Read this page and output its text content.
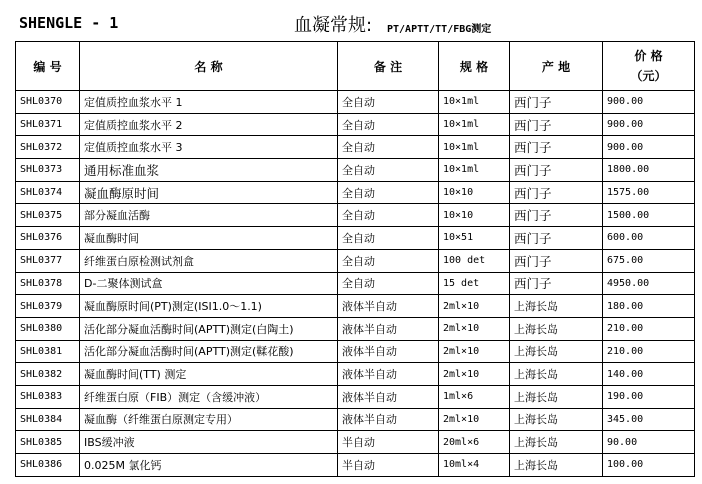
SHENGLE - 1	血凝常规: PT/APTT/TT/FBG测定
编 号	名 称	备 注	规 格	产 地	价 格
（元）

SHL0370	定值质控血浆水平 1	全自动	10×1ml	西门子	900.00
SHL0371	定值质控血浆水平 2	全自动	10×1ml	西门子	900.00
SHL0372	定值质控血浆水平 3	全自动	10×1ml	西门子	900.00
SHL0373	通用标准血浆	全自动	10×1ml	西门子	1800.00
SHL0374	凝血酶原时间	全自动	10×10	西门子	1575.00
SHL0375	部分凝血活酶	全自动	10×10	西门子	1500.00
SHL0376	凝血酶时间	全自动	10×51	西门子	600.00
SHL0377	纤维蛋白原检测试剂盒	全自动	100 det	西门子	675.00
SHL0378	D-二聚体测试盒	全自动	15 det	西门子	4950.00
SHL0379	凝血酶原时间(PT)测定(ISI1.0～1.1)	液体半自动	2ml×10	上海长岛	180.00
SHL0380	活化部分凝血活酶时间(APTT)测定(白陶土)	液体半自动	2ml×10	上海长岛	210.00
SHL0381	活化部分凝血活酶时间(APTT)测定(鞣花酸)	液体半自动	2ml×10	上海长岛	210.00
SHL0382	凝血酶时间(TT) 测定	液体半自动	2ml×10	上海长岛	140.00
SHL0383	纤维蛋白原（FIB）测定（含缓冲液）	液体半自动	1ml×6	上海长岛	190.00
SHL0384	凝血酶（纤维蛋白原测定专用）	液体半自动	2ml×10	上海长岛	345.00
SHL0385	IBS缓冲液	半自动	20ml×6	上海长岛	90.00
SHL0386	0.025M 氯化钙	半自动	10ml×4	上海长岛	100.00
